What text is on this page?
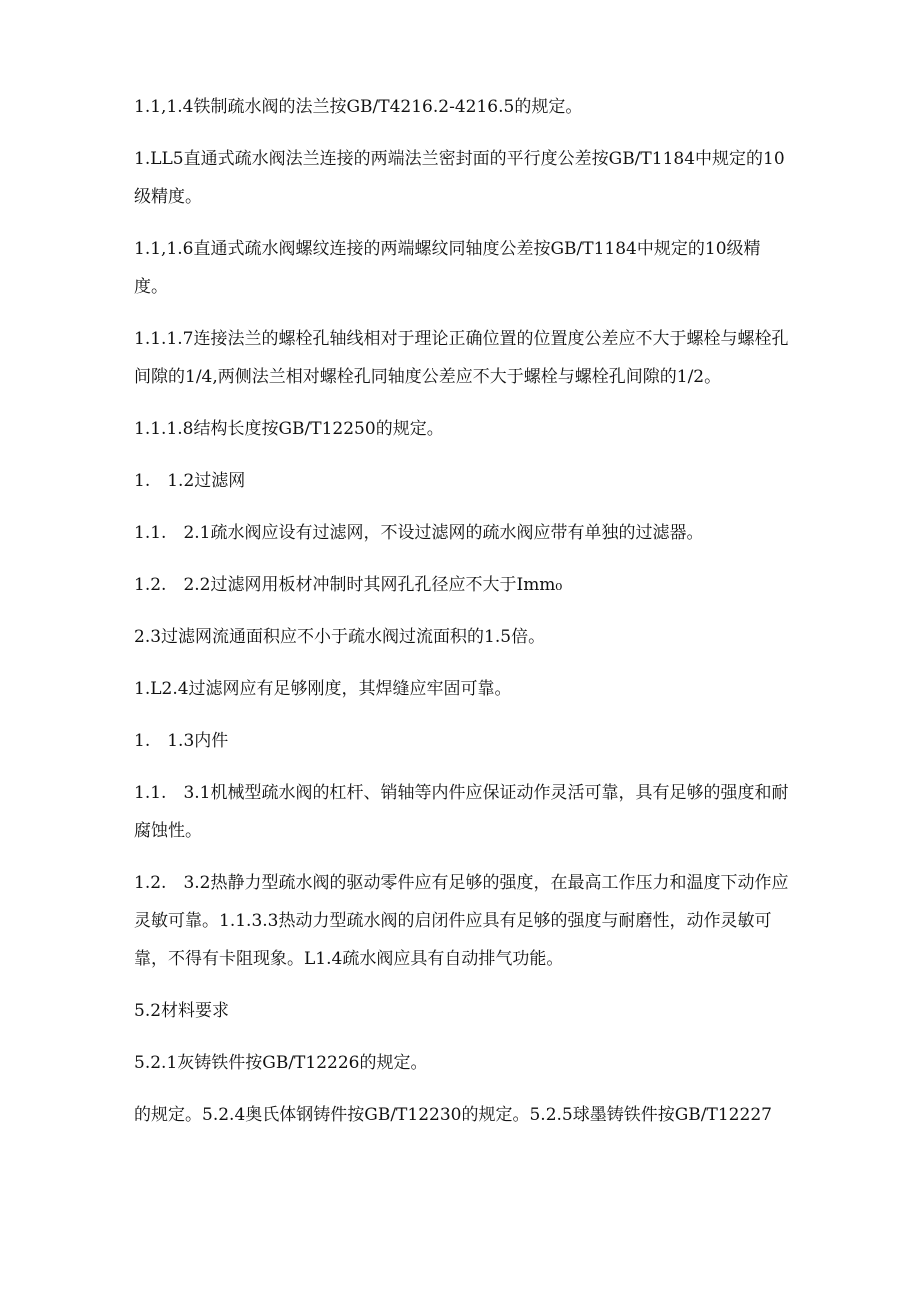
1.1,1.4铁制疏水阀的法兰按GB/T4216.2-4216.5的规定。

1.LL5直通式疏水阀法兰连接的两端法兰密封面的平行度公差按GB/T1184中规定的10级精度。

1.1,1.6直通式疏水阀螺纹连接的两端螺纹同轴度公差按GB/T1184中规定的10级精度。

1.1.1.7连接法兰的螺栓孔轴线相对于理论正确位置的位置度公差应不大于螺栓与螺栓孔间隙的1/4,两侧法兰相对螺栓孔同轴度公差应不大于螺栓与螺栓孔间隙的1/2。

1.1.1.8结构长度按GB/T12250的规定。

1.　1.2过滤网

1.1.　2.1疏水阀应设有过滤网，不设过滤网的疏水阀应带有单独的过滤器。

1.2.　2.2过滤网用板材冲制时其网孔孔径应不大于Imm₀

2.3过滤网流通面积应不小于疏水阀过流面积的1.5倍。

1.L2.4过滤网应有足够刚度，其焊缝应牢固可靠。

1.　1.3内件

1.1.　3.1机械型疏水阀的杠杆、销轴等内件应保证动作灵活可靠，具有足够的强度和耐腐蚀性。

1.2.　3.2热静力型疏水阀的驱动零件应有足够的强度，在最高工作压力和温度下动作应灵敏可靠。1.1.3.3热动力型疏水阀的启闭件应具有足够的强度与耐磨性，动作灵敏可靠，不得有卡阻现象。L1.4疏水阀应具有自动排气功能。

5.2材料要求

5.2.1灰铸铁件按GB/T12226的规定。

的规定。5.2.4奥氏体钢铸件按GB/T12230的规定。5.2.5球墨铸铁件按GB/T12227
